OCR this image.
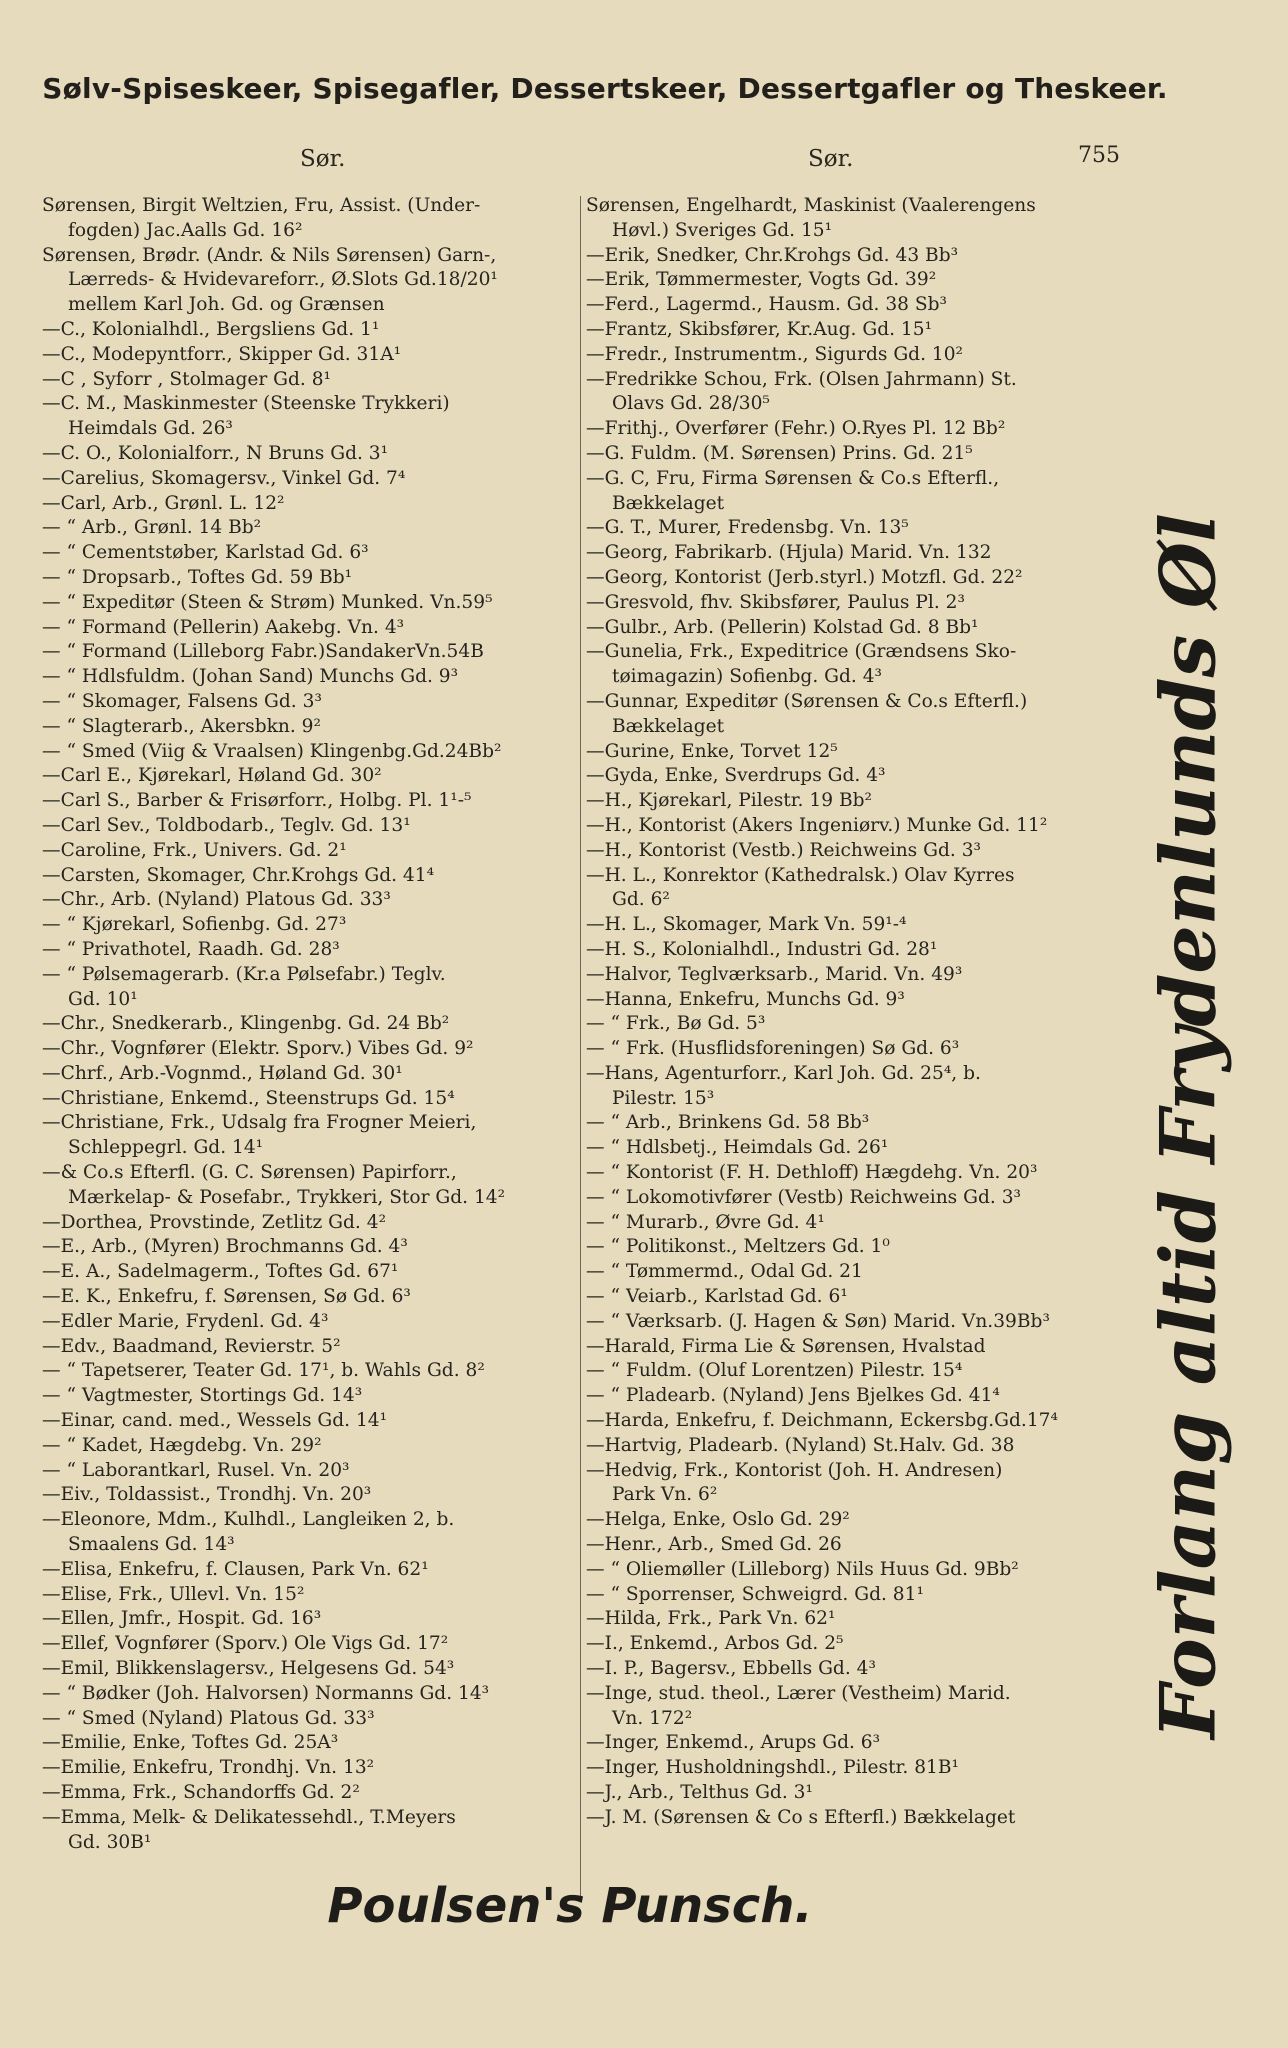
Sølv-Spiseskeer, Spisegafler, Dessertskeer, Dessertgafler og Theskeer.
Sør.	Sør.	755
Sørensen, Birgit Weltzien, Fru, Assist. (Under-
fogden) Jac.Aalls Gd. 16²
Sørensen, Brødr. (Andr. & Nils Sørensen) Garn-,
Lærreds- & Hvidevareforr., Ø.Slots Gd.18/20¹
mellem Karl Joh. Gd. og Grænsen
—C., Kolonialhdl., Bergsliens Gd. 1¹
—C., Modepyntforr., Skipper Gd. 31A¹
—C , Syforr , Stolmager Gd. 8¹
—C. M., Maskinmester (Steenske Trykkeri)
Heimdals Gd. 26³
—C. O., Kolonialforr., N Bruns Gd. 3¹
—Carelius, Skomagersv., Vinkel Gd. 7⁴
—Carl, Arb., Grønl. L. 12²
— “ Arb., Grønl. 14 Bb²
— “ Cementstøber, Karlstad Gd. 6³
— “ Dropsarb., Toftes Gd. 59 Bb¹
— “ Expeditør (Steen & Strøm) Munked. Vn.59⁵
— “ Formand (Pellerin) Aakebg. Vn. 4³
— “ Formand (Lilleborg Fabr.)SandakerVn.54B
— “ Hdlsfuldm. (Johan Sand) Munchs Gd. 9³
— “ Skomager, Falsens Gd. 3³
— “ Slagterarb., Akersbkn. 9²
— “ Smed (Viig & Vraalsen) Klingenbg.Gd.24Bb²
—Carl E., Kjørekarl, Høland Gd. 30²
—Carl S., Barber & Frisørforr., Holbg. Pl. 1¹-⁵
—Carl Sev., Toldbodarb., Teglv. Gd. 13¹
—Caroline, Frk., Univers. Gd. 2¹
—Carsten, Skomager, Chr.Krohgs Gd. 41⁴
—Chr., Arb. (Nyland) Platous Gd. 33³
— “ Kjørekarl, Sofienbg. Gd. 27³
— “ Privathotel, Raadh. Gd. 28³
— “ Pølsemagerarb. (Kr.a Pølsefabr.) Teglv.
Gd. 10¹
—Chr., Snedkerarb., Klingenbg. Gd. 24 Bb²
—Chr., Vognfører (Elektr. Sporv.) Vibes Gd. 9²
—Chrf., Arb.-Vognmd., Høland Gd. 30¹
—Christiane, Enkemd., Steenstrups Gd. 15⁴
—Christiane, Frk., Udsalg fra Frogner Meieri,
Schleppegrl. Gd. 14¹
—& Co.s Efterfl. (G. C. Sørensen) Papirforr.,
Mærkelap- & Posefabr., Trykkeri, Stor Gd. 14²
—Dorthea, Provstinde, Zetlitz Gd. 4²
—E., Arb., (Myren) Brochmanns Gd. 4³
—E. A., Sadelmagerm., Toftes Gd. 67¹
—E. K., Enkefru, f. Sørensen, Sø Gd. 6³
—Edler Marie, Frydenl. Gd. 4³
—Edv., Baadmand, Revierstr. 5²
— “ Tapetserer, Teater Gd. 17¹, b. Wahls Gd. 8²
— “ Vagtmester, Stortings Gd. 14³
—Einar, cand. med., Wessels Gd. 14¹
— “ Kadet, Hægdebg. Vn. 29²
— “ Laborantkarl, Rusel. Vn. 20³
—Eiv., Toldassist., Trondhj. Vn. 20³
—Eleonore, Mdm., Kulhdl., Langleiken 2, b.
Smaalens Gd. 14³
—Elisa, Enkefru, f. Clausen, Park Vn. 62¹
—Elise, Frk., Ullevl. Vn. 15²
—Ellen, Jmfr., Hospit. Gd. 16³
—Ellef, Vognfører (Sporv.) Ole Vigs Gd. 17²
—Emil, Blikkenslagersv., Helgesens Gd. 54³
— “ Bødker (Joh. Halvorsen) Normanns Gd. 14³
— “ Smed (Nyland) Platous Gd. 33³
—Emilie, Enke, Toftes Gd. 25A³
—Emilie, Enkefru, Trondhj. Vn. 13²
—Emma, Frk., Schandorffs Gd. 2²
—Emma, Melk- & Delikatessehdl., T.Meyers
Gd. 30B¹
Sørensen, Engelhardt, Maskinist (Vaalerengens
Høvl.) Sveriges Gd. 15¹
—Erik, Snedker, Chr.Krohgs Gd. 43 Bb³
—Erik, Tømmermester, Vogts Gd. 39²
—Ferd., Lagermd., Hausm. Gd. 38 Sb³
—Frantz, Skibsfører, Kr.Aug. Gd. 15¹
—Fredr., Instrumentm., Sigurds Gd. 10²
—Fredrikke Schou, Frk. (Olsen Jahrmann) St.
Olavs Gd. 28/30⁵
—Frithj., Overfører (Fehr.) O.Ryes Pl. 12 Bb²
—G. Fuldm. (M. Sørensen) Prins. Gd. 21⁵
—G. C, Fru, Firma Sørensen & Co.s Efterfl.,
Bækkelaget
—G. T., Murer, Fredensbg. Vn. 13⁵
—Georg, Fabrikarb. (Hjula) Marid. Vn. 132
—Georg, Kontorist (Jerb.styrl.) Motzfl. Gd. 22²
—Gresvold, fhv. Skibsfører, Paulus Pl. 2³
—Gulbr., Arb. (Pellerin) Kolstad Gd. 8 Bb¹
—Gunelia, Frk., Expeditrice (Grændsens Sko-
tøimagazin) Sofienbg. Gd. 4³
—Gunnar, Expeditør (Sørensen & Co.s Efterfl.)
Bækkelaget
—Gurine, Enke, Torvet 12⁵
—Gyda, Enke, Sverdrups Gd. 4³
—H., Kjørekarl, Pilestr. 19 Bb²
—H., Kontorist (Akers Ingeniørv.) Munke Gd. 11²
—H., Kontorist (Vestb.) Reichweins Gd. 3³
—H. L., Konrektor (Kathedralsk.) Olav Kyrres
Gd. 6²
—H. L., Skomager, Mark Vn. 59¹-⁴
—H. S., Kolonialhdl., Industri Gd. 28¹
—Halvor, Teglværksarb., Marid. Vn. 49³
—Hanna, Enkefru, Munchs Gd. 9³
— “ Frk., Bø Gd. 5³
— “ Frk. (Husflidsforeningen) Sø Gd. 6³
—Hans, Agenturforr., Karl Joh. Gd. 25⁴, b.
Pilestr. 15³
— “ Arb., Brinkens Gd. 58 Bb³
— “ Hdlsbetj., Heimdals Gd. 26¹
— “ Kontorist (F. H. Dethloff) Hægdehg. Vn. 20³
— “ Lokomotivfører (Vestb) Reichweins Gd. 3³
— “ Murarb., Øvre Gd. 4¹
— “ Politikonst., Meltzers Gd. 1⁰
— “ Tømmermd., Odal Gd. 21
— “ Veiarb., Karlstad Gd. 6¹
— “ Værksarb. (J. Hagen & Søn) Marid. Vn.39Bb³
—Harald, Firma Lie & Sørensen, Hvalstad
— “ Fuldm. (Oluf Lorentzen) Pilestr. 15⁴
— “ Pladearb. (Nyland) Jens Bjelkes Gd. 41⁴
—Harda, Enkefru, f. Deichmann, Eckersbg.Gd.17⁴
—Hartvig, Pladearb. (Nyland) St.Halv. Gd. 38
—Hedvig, Frk., Kontorist (Joh. H. Andresen)
Park Vn. 6²
—Helga, Enke, Oslo Gd. 29²
—Henr., Arb., Smed Gd. 26
— “ Oliemøller (Lilleborg) Nils Huus Gd. 9Bb²
— “ Sporrenser, Schweigrd. Gd. 81¹
—Hilda, Frk., Park Vn. 62¹
—I., Enkemd., Arbos Gd. 2⁵
—I. P., Bagersv., Ebbells Gd. 4³
—Inge, stud. theol., Lærer (Vestheim) Marid.
Vn. 172²
—Inger, Enkemd., Arups Gd. 6³
—Inger, Husholdningshdl., Pilestr. 81B¹
—J., Arb., Telthus Gd. 3¹
—J. M. (Sørensen & Co s Efterfl.) Bækkelaget
Forlang altid Frydenlunds Øl
Poulsen's Punsch.
